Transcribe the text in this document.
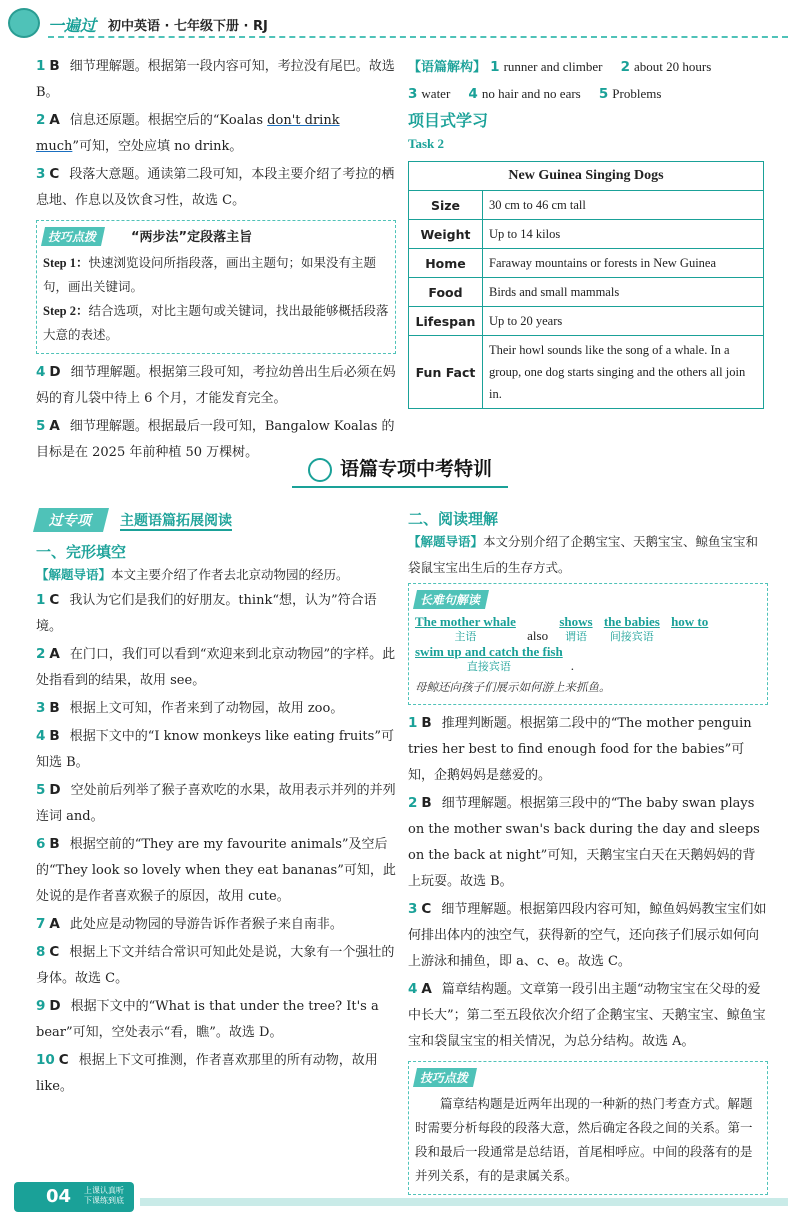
一遍过 初中英语 · 七年级下册 · RJ
1 B 细节理解题。根据第一段内容可知，考拉没有尾巴。故选 B。
2 A 信息还原题。根据空后的“Koalas don't drink much”可知，空处应填 no drink。
3 C 段落大意题。通读第二段可知，本段主要介绍了考拉的栖息地、作息以及饮食习性，故选 C。
技巧点拨	“两步法”定段落主旨
Step 1：快速浏览设问所指段落，画出主题句；如果没有主题句，画出关键词。
Step 2：结合选项，对比主题句或关键词，找出最能够概括段落大意的表述。
4 D 细节理解题。根据第三段可知，考拉幼兽出生后必须在妈妈的育儿袋中待上 6 个月，才能发育完全。
5 A 细节理解题。根据最后一段可知，Bangalow Koalas 的目标是在 2025 年前种植 50 万棵树。
【语篇解构】 1 runner and climber 2 about 20 hours
3 water 4 no hair and no ears 5 Problems
项目式学习
Task 2
New Guinea Singing Dogs	
Size	30 cm to 46 cm tall
Weight	Up to 14 kilos
Home	Faraway mountains or forests in New Guinea
Food	Birds and small mammals
Lifespan	Up to 20 years
Fun Fact	Their howl sounds like the song of a whale. In a group, one dog starts singing and the others all join in.
语篇专项中考特训
过专项 主题语篇拓展阅读
一、完形填空
【解题导语】本文主要介绍了作者去北京动物园的经历。
1 C 我认为它们是我们的好朋友。think“想，认为”符合语境。
2 A 在门口，我们可以看到“欢迎来到北京动物园”的字样。此处指看到的结果，故用 see。
3 B 根据上文可知，作者来到了动物园，故用 zoo。
4 B 根据下文中的“I know monkeys like eating fruits”可知选 B。
5 D 空处前后列举了猴子喜欢吃的水果，故用表示并列的并列连词 and。
6 B 根据空前的“They are my favourite animals”及空后的“They look so lovely when they eat bananas”可知，此处说的是作者喜欢猴子的原因，故用 cute。
7 A 此处应是动物园的导游告诉作者猴子来自南非。
8 C 根据上下文并结合常识可知此处是说，大象有一个强壮的身体。故选 C。
9 D 根据下文中的“What is that under the tree? It's a bear”可知，空处表示“看，瞧”。故选 D。
10 C 根据上下文可推测，作者喜欢那里的所有动物，故用 like。
二、阅读理解
【解题导语】本文分别介绍了企鹅宝宝、天鹅宝宝、鲸鱼宝宝和袋鼠宝宝出生后的生存方式。
长难句解读
The mother whale
主语	also shows
谓语
the babies
间接宾语
how to

swim up and catch the fish
直接宾语	.
母鲸还向孩子们展示如何游上来抓鱼。
1 B 推理判断题。根据第二段中的“The mother penguin tries her best to find enough food for the babies”可知，企鹅妈妈是慈爱的。
2 B 细节理解题。根据第三段中的“The baby swan plays on the mother swan's back during the day and sleeps on the back at night”可知，天鹅宝宝白天在天鹅妈妈的背上玩耍。故选 B。
3 C 细节理解题。根据第四段内容可知，鲸鱼妈妈教宝宝们如何排出体内的浊空气，获得新的空气，还向孩子们展示如何向上游泳和捕鱼，即 a、c、e。故选 C。
4 A 篇章结构题。文章第一段引出主题“动物宝宝在父母的爱中长大”；第二至五段依次介绍了企鹅宝宝、天鹅宝宝、鲸鱼宝宝和袋鼠宝宝的相关情况，为总分结构。故选 A。
技巧点拨
篇章结构题是近两年出现的一种新的热门考查方式。解题时需要分析每段的段落大意，然后确定各段之间的关系。第一段和最后一段通常是总结语，首尾相呼应。中间的段落有的是并列关系，有的是隶属关系。
04 上课认真听
下课练到底
